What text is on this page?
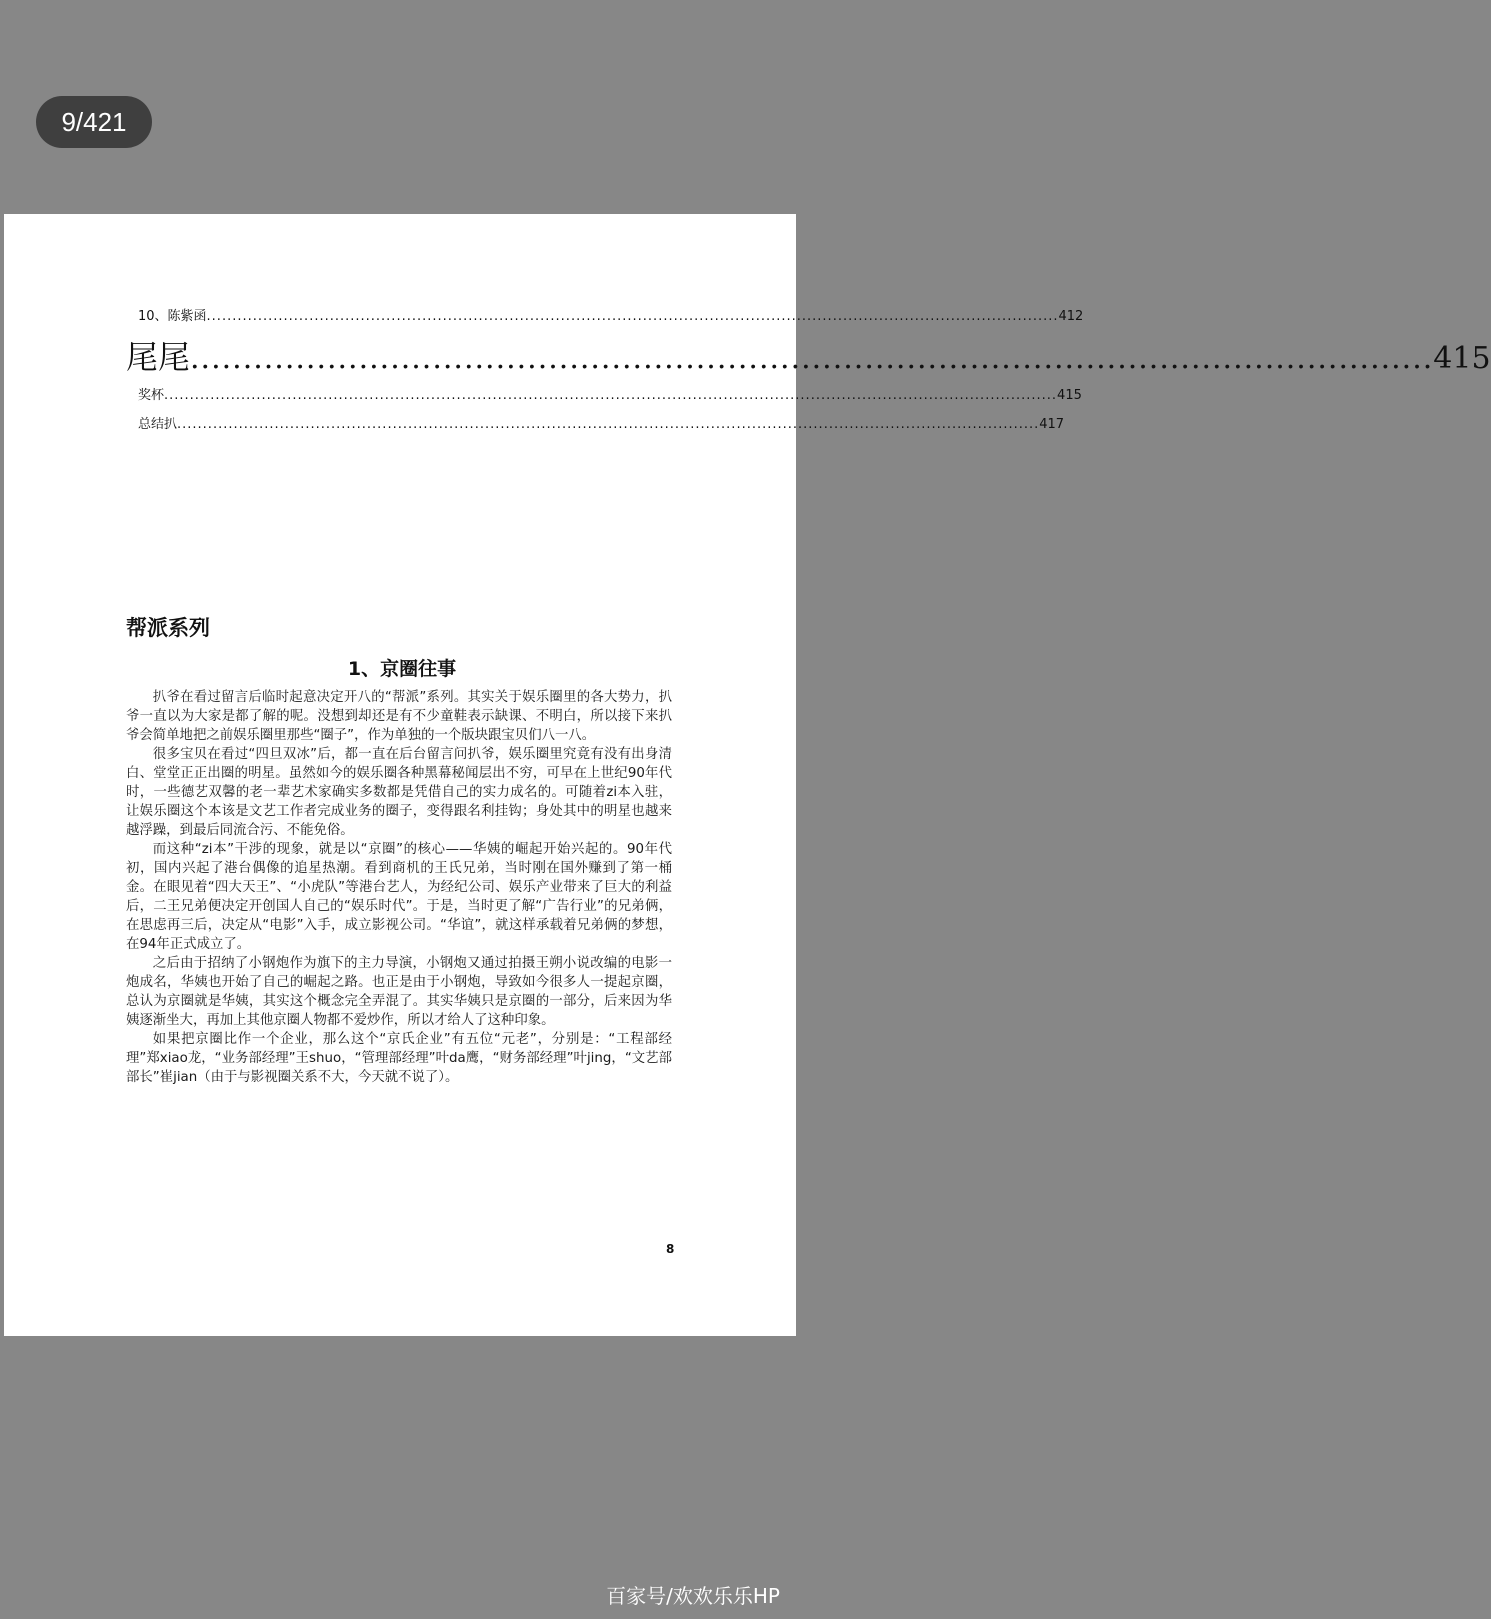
9/421
10、陈紫函 ...................................................................................................................................................................... 412
尾尾 ...................................................................................................................... 415
奖杯 .............................................................................................................................................................................. 415
总结扒 ........................................................................................................................................................................ 417
帮派系列
1、京圈往事

扒爷在看过留言后临时起意决定开八的“帮派”系列。其实关于娱乐圈里的各大势力，扒爷一直以为大家是都了解的呢。没想到却还是有不少童鞋表示缺课、不明白，所以接下来扒爷会简单地把之前娱乐圈里那些“圈子”，作为单独的一个版块跟宝贝们八一八。

很多宝贝在看过“四旦双冰”后，都一直在后台留言问扒爷，娱乐圈里究竟有没有出身清白、堂堂正正出圈的明星。虽然如今的娱乐圈各种黑幕秘闻层出不穷，可早在上世纪90年代时，一些德艺双馨的老一辈艺术家确实多数都是凭借自己的实力成名的。可随着zi本入驻，让娱乐圈这个本该是文艺工作者完成业务的圈子，变得跟名利挂钩；身处其中的明星也越来越浮躁，到最后同流合污、不能免俗。

而这种“zi本”干涉的现象，就是以“京圈”的核心——华姨的崛起开始兴起的。90年代初，国内兴起了港台偶像的追星热潮。看到商机的王氏兄弟，当时刚在国外赚到了第一桶金。在眼见着“四大天王”、“小虎队”等港台艺人，为经纪公司、娱乐产业带来了巨大的利益后，二王兄弟便决定开创国人自己的“娱乐时代”。于是，当时更了解“广告行业”的兄弟俩，在思虑再三后，决定从“电影”入手，成立影视公司。“华谊”，就这样承载着兄弟俩的梦想，在94年正式成立了。

之后由于招纳了小钢炮作为旗下的主力导演，小钢炮又通过拍摄王朔小说改编的电影一炮成名，华姨也开始了自己的崛起之路。也正是由于小钢炮，导致如今很多人一提起京圈，总认为京圈就是华姨，其实这个概念完全弄混了。其实华姨只是京圈的一部分，后来因为华姨逐渐坐大，再加上其他京圈人物都不爱炒作，所以才给人了这种印象。

如果把京圈比作一个企业，那么这个“京氏企业”有五位“元老”，分别是：“工程部经理”郑xiao龙，“业务部经理”王shuo，“管理部经理”叶da鹰，“财务部经理”叶jing，“文艺部部长”崔jian（由于与影视圈关系不大，今天就不说了）。

8
百家号/欢欢乐乐HP
